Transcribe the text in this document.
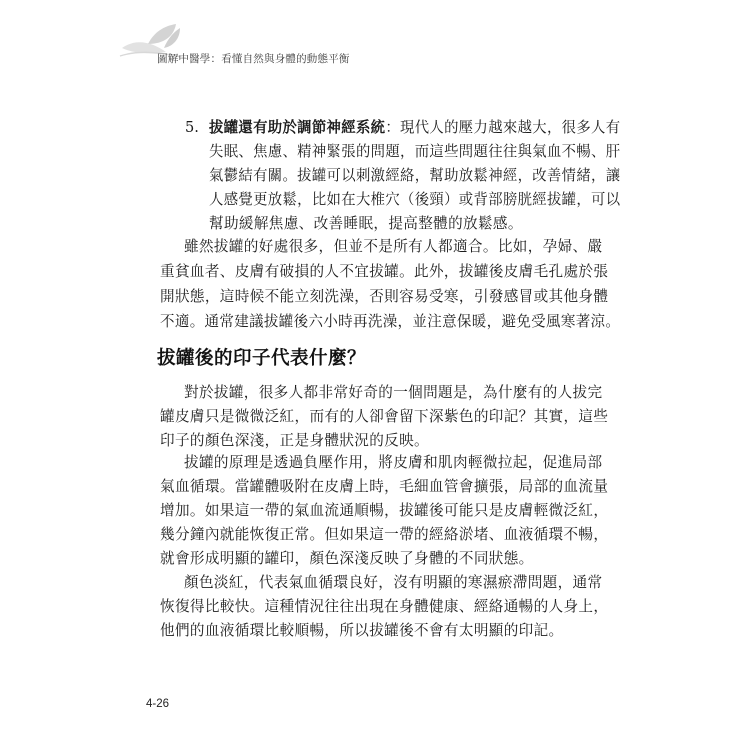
圖解中醫學：看懂自然與身體的動態平衡
5. 拔罐還有助於調節神經系統：現代人的壓力越來越大，很多人有
失眠、焦慮、精神緊張的問題，而這些問題往往與氣血不暢、肝
氣鬱結有關。拔罐可以刺激經絡，幫助放鬆神經，改善情緒，讓
人感覺更放鬆，比如在大椎穴（後頸）或背部膀胱經拔罐，可以
幫助緩解焦慮、改善睡眠，提高整體的放鬆感。
雖然拔罐的好處很多，但並不是所有人都適合。比如，孕婦、嚴
重貧血者、皮膚有破損的人不宜拔罐。此外，拔罐後皮膚毛孔處於張
開狀態，這時候不能立刻洗澡，否則容易受寒，引發感冒或其他身體
不適。通常建議拔罐後六小時再洗澡，並注意保暖，避免受風寒著涼。
拔罐後的印子代表什麼？
對於拔罐，很多人都非常好奇的一個問題是，為什麼有的人拔完
罐皮膚只是微微泛紅，而有的人卻會留下深紫色的印記？其實，這些
印子的顏色深淺，正是身體狀況的反映。
拔罐的原理是透過負壓作用，將皮膚和肌肉輕微拉起，促進局部
氣血循環。當罐體吸附在皮膚上時，毛細血管會擴張，局部的血流量
增加。如果這一帶的氣血流通順暢，拔罐後可能只是皮膚輕微泛紅，
幾分鐘內就能恢復正常。但如果這一帶的經絡淤堵、血液循環不暢，
就會形成明顯的罐印，顏色深淺反映了身體的不同狀態。
顏色淡紅，代表氣血循環良好，沒有明顯的寒濕瘀滯問題，通常
恢復得比較快。這種情況往往出現在身體健康、經絡通暢的人身上，
他們的血液循環比較順暢，所以拔罐後不會有太明顯的印記。
4-26
